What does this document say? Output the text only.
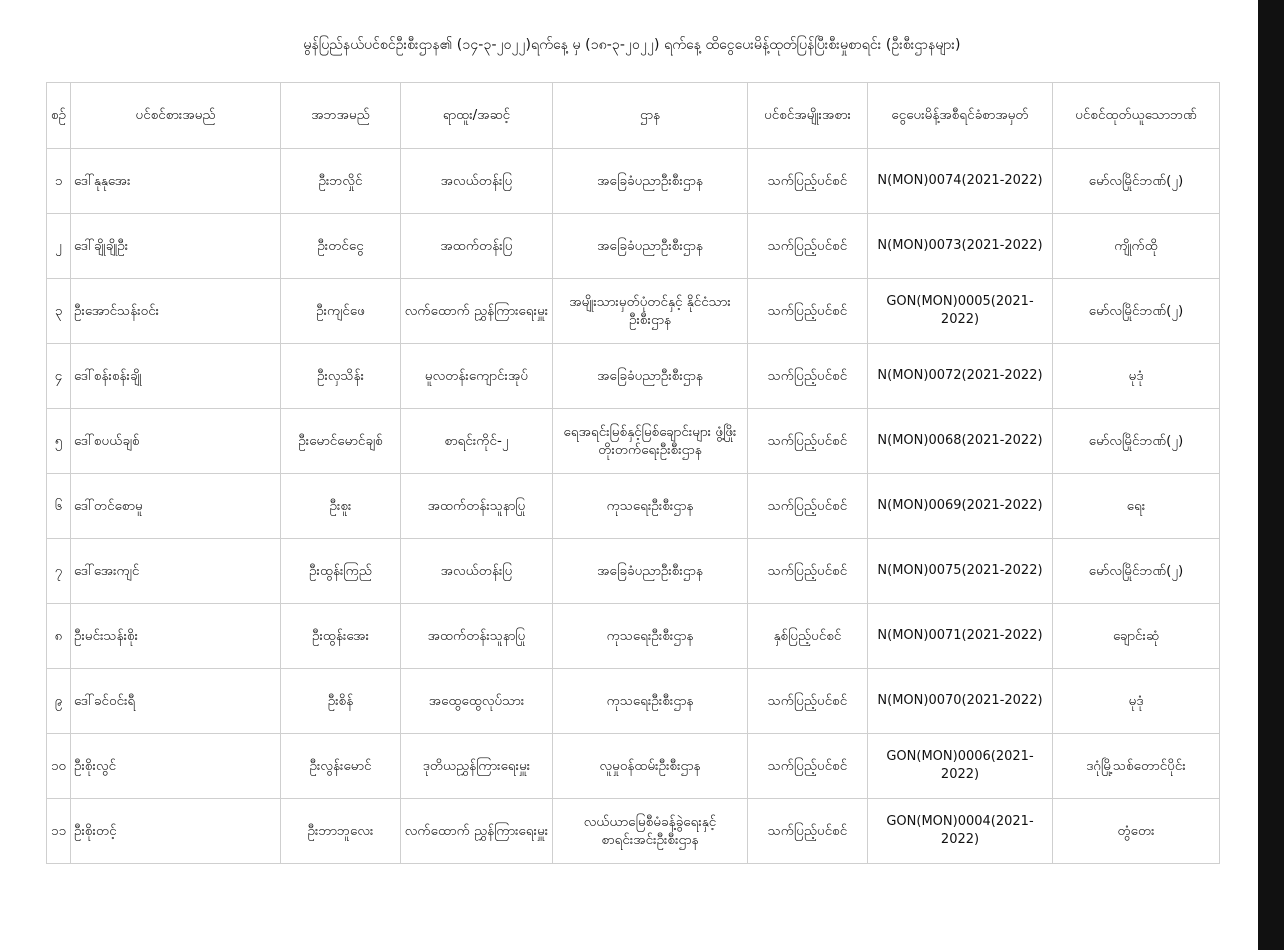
မွန်ပြည်နယ်ပင်စင်ဦးစီးဌာန၏ (၁၄-၃-၂၀၂၂)ရက်နေ့ မှ (၁၈-၃-၂၀၂၂) ရက်နေ့ ထိငွေပေးမိန့်ထုတ်ပြန်ပြီးစီးမှုစာရင်း (ဦးစီးဌာနများ)
စဉ်	ပင်စင်စားအမည်	အဘအမည်	ရာထူး/အဆင့်	ဌာန	ပင်စင်အမျိုးအစား	ငွေပေးမိန့်အစီရင်ခံစာအမှတ်	ပင်စင်ထုတ်ယူသောဘဏ်
၁	ဒေါ်နုနုအေး	ဦးဘလှိုင်	အလယ်တန်းပြ	အခြေခံပညာဦးစီးဌာန	သက်ပြည့်ပင်စင်	N(MON)0074(2021-2022)	မော်လမြိုင်ဘဏ်(၂)
၂	ဒေါ်ချိုချိုဦး	ဦးတင်ငွေ	အထက်တန်းပြ	အခြေခံပညာဦးစီးဌာန	သက်ပြည့်ပင်စင်	N(MON)0073(2021-2022)	ကျိုက်ထို
၃	ဦးအောင်သန်းဝင်း	ဦးကျင်ဖေ	လက်ထောက် ညွှန်ကြားရေးမှူး	အမျိုးသားမှတ်ပုံတင်နှင့် နိုင်ငံသားဦးစီးဌာန	သက်ပြည့်ပင်စင်	GON(MON)0005(2021-2022)	မော်လမြိုင်ဘဏ်(၂)
၄	ဒေါ်စန်းစန်းချို	ဦးလှသိန်း	မူလတန်းကျောင်းအုပ်	အခြေခံပညာဦးစီးဌာန	သက်ပြည့်ပင်စင်	N(MON)0072(2021-2022)	မုဒုံ
၅	ဒေါ်စပယ်ချစ်	ဦးမောင်မောင်ချစ်	စာရင်းကိုင်-၂	ရေအရင်းမြစ်နှင့်မြစ်ချောင်းများ ဖွံ့ဖြိုးတိုးတက်ရေးဦးစီးဌာန	သက်ပြည့်ပင်စင်	N(MON)0068(2021-2022)	မော်လမြိုင်ဘဏ်(၂)
၆	ဒေါ်တင်စောမူ	ဦးစူး	အထက်တန်းသူနာပြု	ကုသရေးဦးစီးဌာန	သက်ပြည့်ပင်စင်	N(MON)0069(2021-2022)	ရေး
၇	ဒေါ်အေးကျင်	ဦးထွန်းကြည်	အလယ်တန်းပြ	အခြေခံပညာဦးစီးဌာန	သက်ပြည့်ပင်စင်	N(MON)0075(2021-2022)	မော်လမြိုင်ဘဏ်(၂)
၈	ဦးမင်းသန်းစိုး	ဦးထွန်းအေး	အထက်တန်းသူနာပြု	ကုသရေးဦးစီးဌာန	နှစ်ပြည့်ပင်စင်	N(MON)0071(2021-2022)	ချောင်းဆုံ
၉	ဒေါ်ခင်ဝင်းရီ	ဦးစိန်	အထွေထွေလုပ်သား	ကုသရေးဦးစီးဌာန	သက်ပြည့်ပင်စင်	N(MON)0070(2021-2022)	မုဒုံ
၁၀	ဦးစိုးလွင်	ဦးလွန်းမောင်	ဒုတိယညွှန်ကြားရေးမှူး	လူမှုဝန်ထမ်းဦးစီးဌာန	သက်ပြည့်ပင်စင်	GON(MON)0006(2021-2022)	ဒဂုံမြို့သစ်တောင်ပိုင်း
၁၁	ဦးစိုးတင့်	ဦးဘာဘူလေး	လက်ထောက် ညွှန်ကြားရေးမှူး	လယ်ယာမြေစီမံခန့်ခွဲရေးနှင့် စာရင်းအင်းဦးစီးဌာန	သက်ပြည့်ပင်စင်	GON(MON)0004(2021-2022)	တွံတေး
